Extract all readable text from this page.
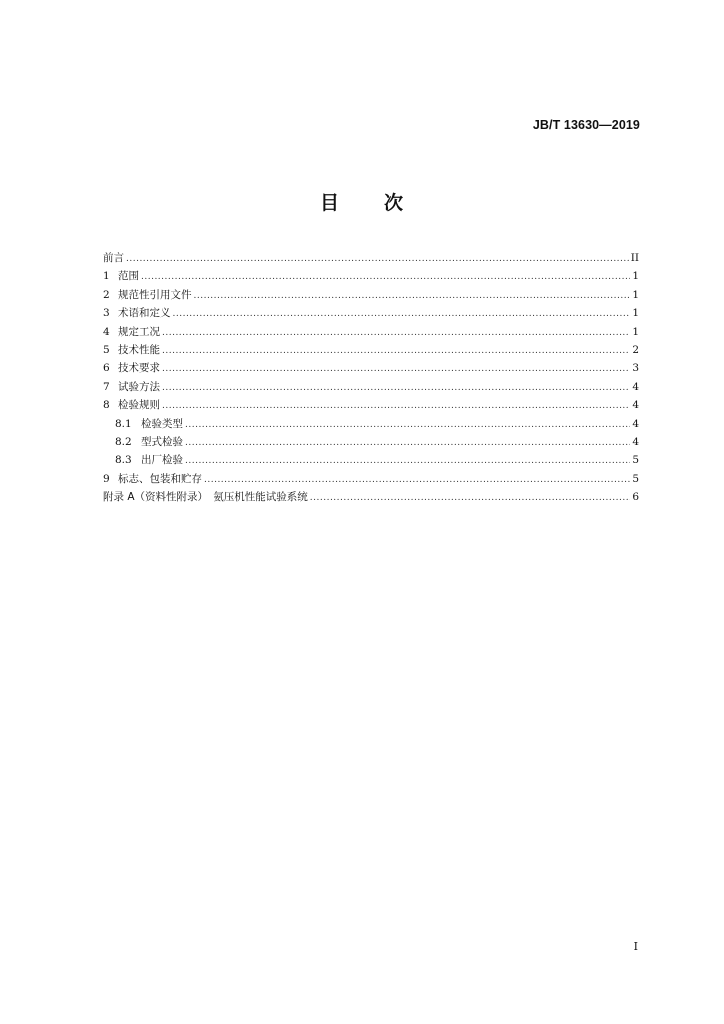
JB/T 13630—2019
目 次
前言 .....	II
1 范围 .....	1
2 规范性引用文件 .....	1
3 术语和定义 .....	1
4 规定工况 .....	1
5 技术性能 .....	2
6 技术要求 .....	3
7 试验方法 .....	4
8 检验规则 .....	4
8.1 检验类型 .....	4
8.2 型式检验 .....	4
8.3 出厂检验 .....	5
9 标志、包装和贮存 .....	5
附录 A（资料性附录）　氨压机性能试验系统 .....	6
I
